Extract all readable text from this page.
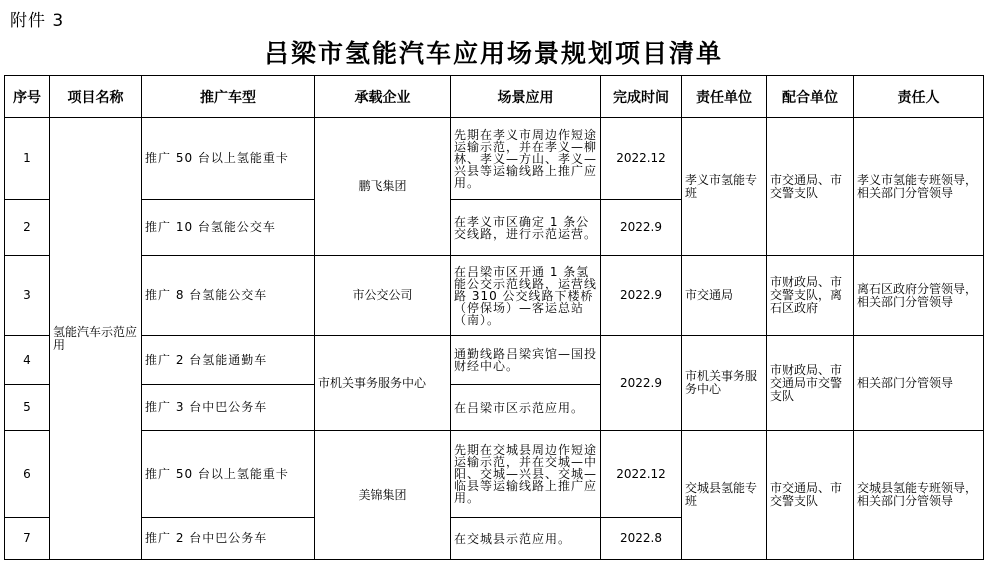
附件 3
吕梁市氢能汽车应用场景规划项目清单
序号	项目名称	推广车型	承载企业	场景应用	完成时间	责任单位	配合单位	责任人
1	氢能汽车示范应用	推广 50 台以上氢能重卡	鹏飞集团	先期在孝义市周边作短途运输示范，并在孝义—柳林、孝义—方山、孝义—兴县等运输线路上推广应用。	2022.12	孝义市氢能专班	市交通局、市交警支队	孝义市氢能专班领导，相关部门分管领导
2		推广 10 台氢能公交车		在孝义市区确定 1 条公交线路，进行示范运营。	2022.9			
3		推广 8 台氢能公交车	市公交公司	在吕梁市区开通 1 条氢能公交示范线路，运营线路 310 公交线路下楼桥（停保场）—客运总站（南）。	2022.9	市交通局	市财政局、市交警支队，离石区政府	离石区政府分管领导，相关部门分管领导
4		推广 2 台氢能通勤车	市机关事务服务中心	通勤线路吕梁宾馆—国投财经中心。	2022.9	市机关事务服务中心	市财政局、市交通局市交警支队	相关部门分管领导
5		推广 3 台中巴公务车		在吕梁市区示范应用。				
6		推广 50 台以上氢能重卡	美锦集团	先期在交城县周边作短途运输示范，并在交城—中阳、交城—兴县、交城—临县等运输线路上推广应用。	2022.12	交城县氢能专班	市交通局、市交警支队	交城县氢能专班领导，相关部门分管领导
7		推广 2 台中巴公务车		在交城县示范应用。	2022.8			
